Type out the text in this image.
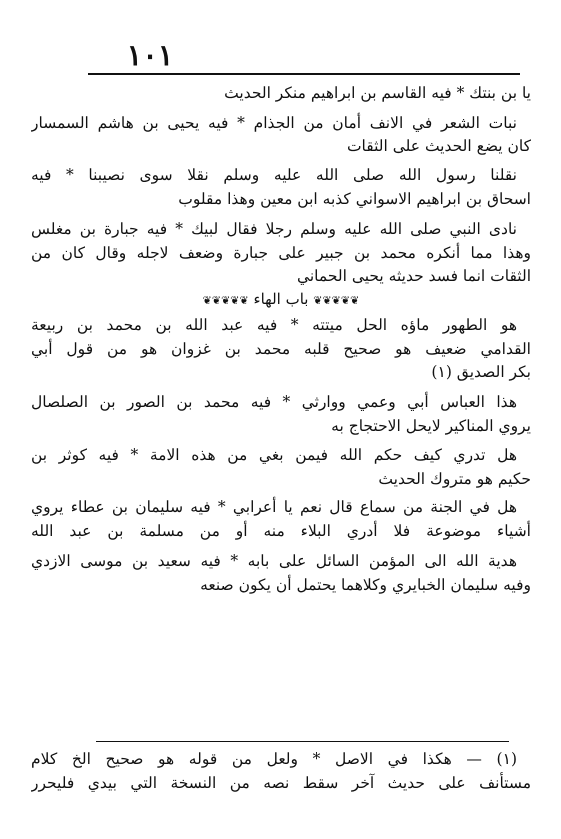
١٠١
❦❦❦❦❦ باب الهاء ❦❦❦❦❦
يا بن بنتك * فيه القاسم بن ابراهيم منكر الحديث
نبات الشعر في الانف أمان من الجذام * فيه يحيى بن هاشم السمسار
كان يضع الحديث على الثقات
نقلنا رسول الله صلى الله عليه وسلم نقلا سوى نصيبنا * فيه
اسحاق بن ابراهيم الاسواني كذبه ابن معين وهذا مقلوب
نادى النبي صلى الله عليه وسلم رجلا فقال لبيك * فيه جبارة بن مغلس
وهذا مما أنكره محمد بن جبير على جبارة وضعف لاجله وقال كان من
الثقات انما فسد حديثه يحيى الحماني
هو الطهور ماؤه الحل ميتته * فيه عبد الله بن محمد بن ربيعة
القدامي ضعيف هو صحيح قلبه محمد بن غزوان هو من قول أبي
بكر الصديق (١)
هذا العباس أبي وعمي ووارثي * فيه محمد بن الصور بن الصلصال
يروي المناكير لايحل الاحتجاج به
هل تدري كيف حكم الله فيمن بغي من هذه الامة * فيه كوثر بن
حكيم هو متروك الحديث
هل في الجنة من سماع قال نعم يا أعرابي * فيه سليمان بن عطاء يروي
أشياء موضوعة فلا أدري البلاء منه أو من مسلمة بن عبد الله
هدية الله الى المؤمن السائل على بابه * فيه سعيد بن موسى الازدي
وفيه سليمان الخبايري وكلاهما يحتمل أن يكون صنعه
(١) — هكذا في الاصل * ولعل من قوله هو صحيح الخ كلام
مستأنف على حديث آخر سقط نصه من النسخة التي بيدي فليحرر
